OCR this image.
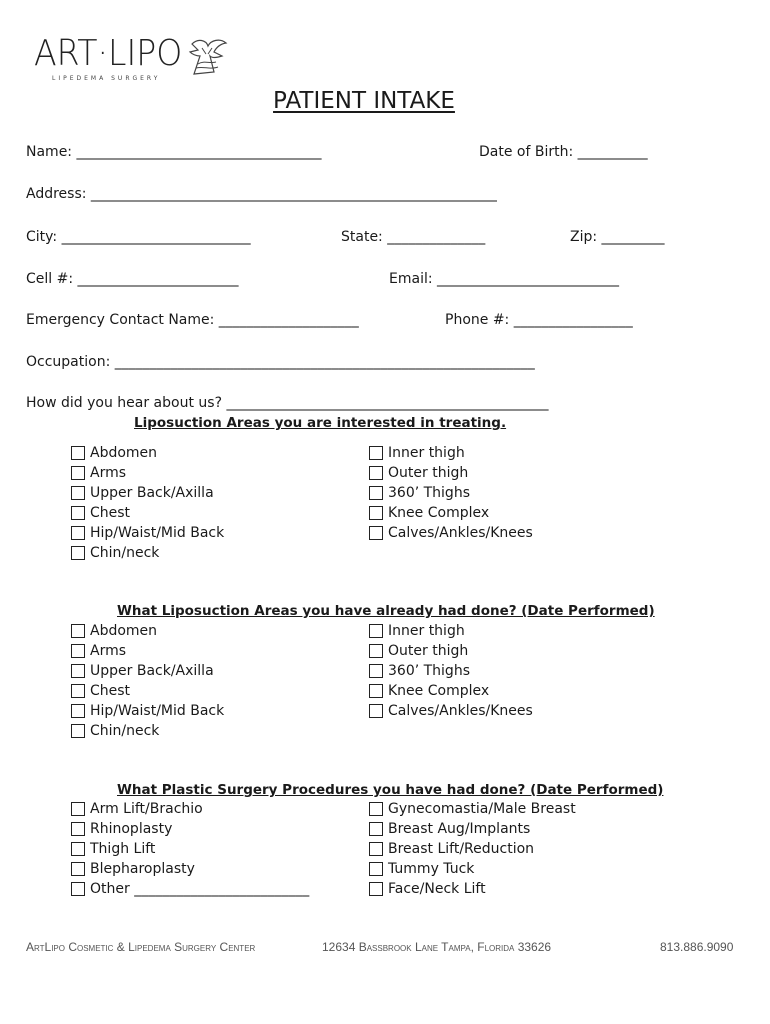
ART·LIPO
LIPEDEMA SURGERY
PATIENT INTAKE
Name: ___________________________________	Date of Birth: __________
Address: __________________________________________________________
City: ___________________________	State: ______________	Zip: _________
Cell #: _______________________	Email: __________________________
Emergency Contact Name: ____________________	Phone #: _________________
Occupation: ____________________________________________________________
How did you hear about us? ______________________________________________
Liposuction Areas you are interested in treating.
Abdomen
Arms
Upper Back/Axilla
Chest
Hip/Waist/Mid Back
Chin/neck
Inner thigh
Outer thigh
360’ Thighs
Knee Complex
Calves/Ankles/Knees
What Liposuction Areas you have already had done? (Date Performed)
Abdomen
Arms
Upper Back/Axilla
Chest
Hip/Waist/Mid Back
Chin/neck
Inner thigh
Outer thigh
360’ Thighs
Knee Complex
Calves/Ankles/Knees
What Plastic Surgery Procedures you have had done? (Date Performed)
Arm Lift/Brachio
Rhinoplasty
Thigh Lift
Blepharoplasty
Other _________________________
Gynecomastia/Male Breast
Breast Aug/Implants
Breast Lift/Reduction
Tummy Tuck
Face/Neck Lift
ArtLipo Cosmetic & Lipedema Surgery Center	12634 Bassbrook Lane Tampa, Florida 33626	813.886.9090
